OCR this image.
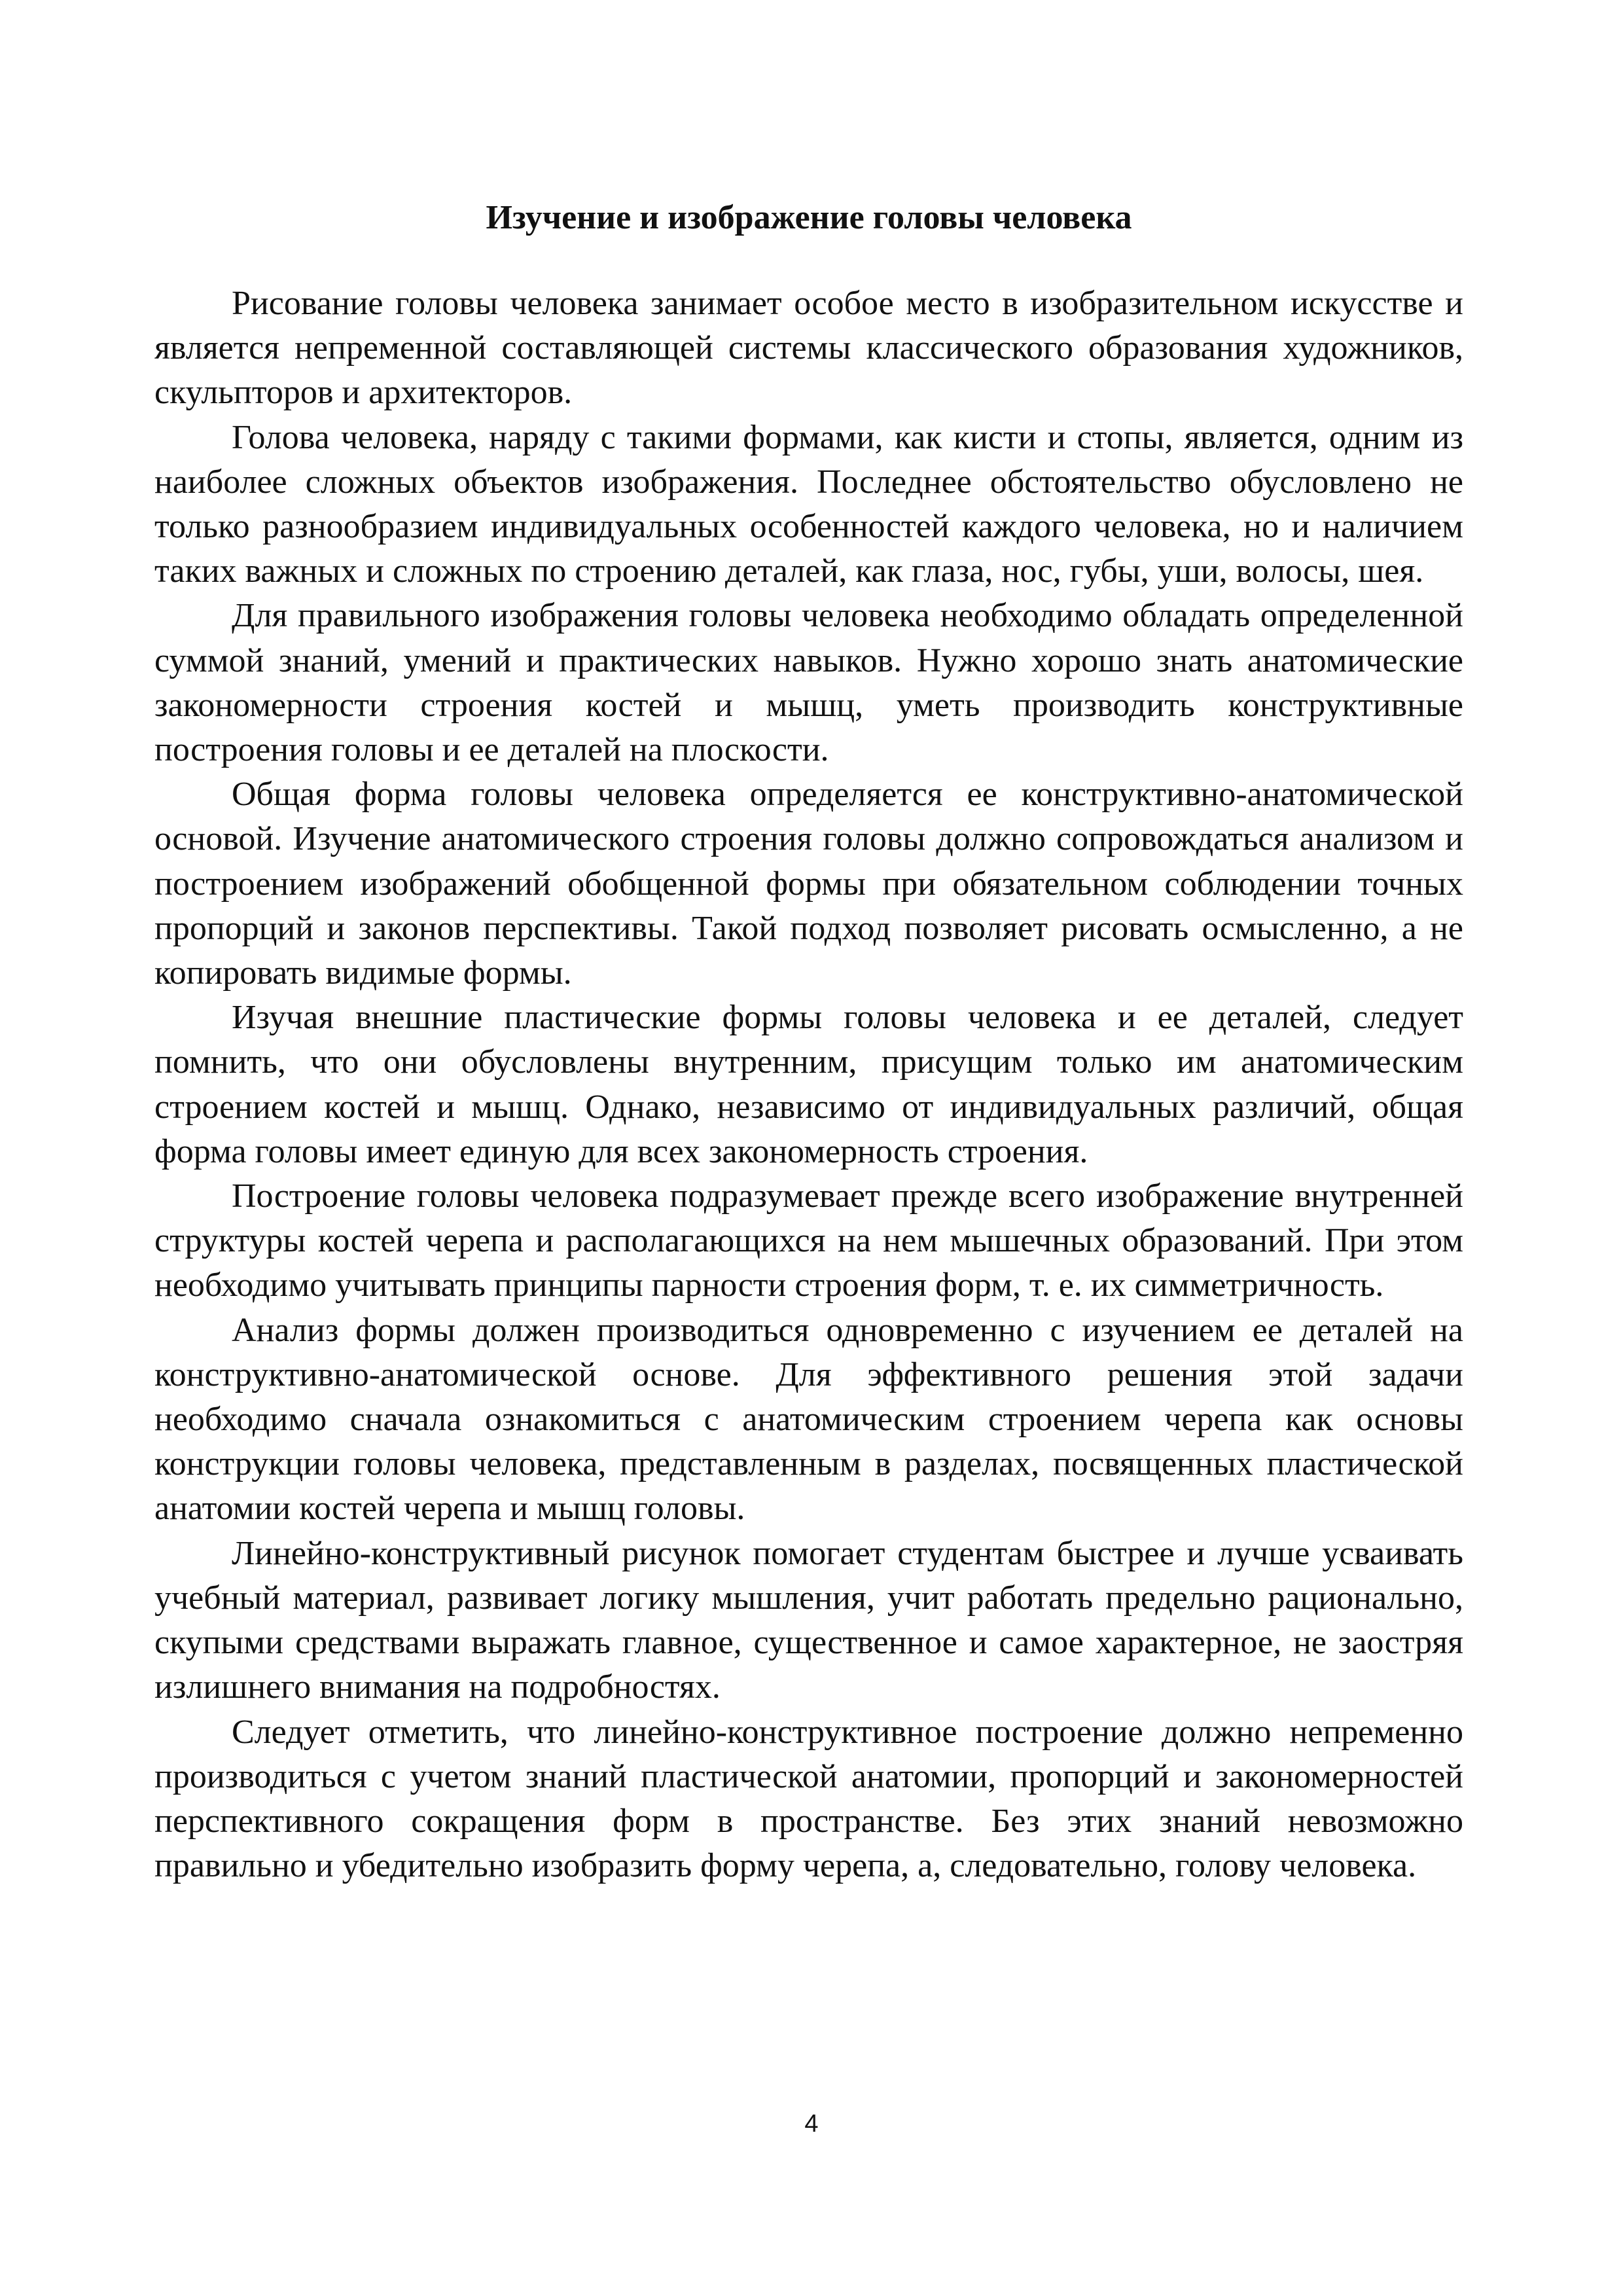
Изучение и изображение головы человека

Рисование головы человека занимает особое место в изобразительном искусстве и является непременной составляющей системы классического образования художников, скульпторов и архитекторов.

Голова человека, наряду с такими формами, как кисти и стопы, является, одним из наиболее сложных объектов изображения. Последнее обстоятельство обусловлено не только разнообразием индивидуальных особенностей каждого человека, но и наличием таких важных и сложных по строению деталей, как глаза, нос, губы, уши, волосы, шея.

Для правильного изображения головы человека необходимо обладать определенной суммой знаний, умений и практических навыков. Нужно хорошо знать анатомические закономерности строения костей и мышц, уметь производить конструктивные построения головы и ее деталей на плоскости.

Общая форма головы человека определяется ее конструктивно-анатомической основой. Изучение анатомического строения головы должно сопровождаться анализом и построением изображений обобщенной формы при обязательном соблюдении точных пропорций и законов перспективы. Такой подход позволяет рисовать осмысленно, а не копировать видимые формы.

Изучая внешние пластические формы головы человека и ее деталей, следует помнить, что они обусловлены внутренним, присущим только им анатомическим строением костей и мышц. Однако, независимо от индивидуальных различий, общая форма головы имеет единую для всех закономерность строения.

Построение головы человека подразумевает прежде всего изображение внутренней структуры костей черепа и располагающихся на нем мышечных образований. При этом необходимо учитывать принципы парности строения форм, т. е. их симметричность.

Анализ формы должен производиться одновременно с изучением ее деталей на конструктивно-анатомической основе. Для эффективного решения этой задачи необходимо сначала ознакомиться с анатомическим строением черепа как основы конструкции головы человека, представленным в разделах, посвященных пластической анатомии костей черепа и мышц головы.

Линейно-конструктивный рисунок помогает студентам быстрее и лучше усваивать учебный материал, развивает логику мышления, учит работать предельно рационально, скупыми средствами выражать главное, существенное и самое характерное, не заостряя излишнего внимания на подробностях.

Следует отметить, что линейно-конструктивное построение должно непременно производиться с учетом знаний пластической анатомии, пропорций и закономерностей перспективного сокращения форм в пространстве. Без этих знаний невозможно правильно и убедительно изобразить форму черепа, а, следовательно, голову человека.

4
